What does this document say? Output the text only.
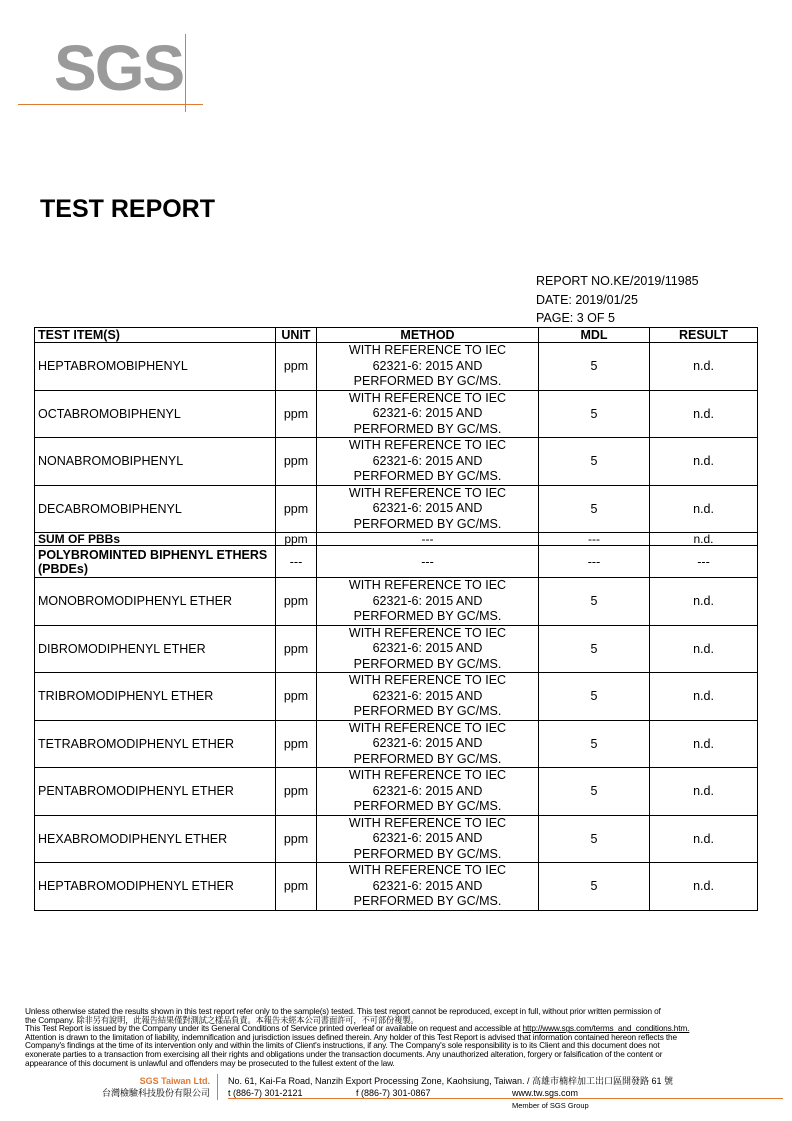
SGS
TEST REPORT
REPORT NO.KE/2019/11985
DATE: 2019/01/25
PAGE: 3 OF 5
TEST ITEM(S)	UNIT	METHOD	MDL	RESULT
HEPTABROMOBIPHENYL	ppm	WITH REFERENCE TO IEC
62321-6: 2015 AND
PERFORMED BY GC/MS.	5	n.d.
OCTABROMOBIPHENYL	ppm	WITH REFERENCE TO IEC
62321-6: 2015 AND
PERFORMED BY GC/MS.	5	n.d.
NONABROMOBIPHENYL	ppm	WITH REFERENCE TO IEC
62321-6: 2015 AND
PERFORMED BY GC/MS.	5	n.d.
DECABROMOBIPHENYL	ppm	WITH REFERENCE TO IEC
62321-6: 2015 AND
PERFORMED BY GC/MS.	5	n.d.
SUM OF PBBs	ppm	---	---	n.d.
POLYBROMINTED BIPHENYL ETHERS (PBDEs)	---	---	---	---
MONOBROMODIPHENYL ETHER	ppm	WITH REFERENCE TO IEC
62321-6: 2015 AND
PERFORMED BY GC/MS.	5	n.d.
DIBROMODIPHENYL ETHER	ppm	WITH REFERENCE TO IEC
62321-6: 2015 AND
PERFORMED BY GC/MS.	5	n.d.
TRIBROMODIPHENYL ETHER	ppm	WITH REFERENCE TO IEC
62321-6: 2015 AND
PERFORMED BY GC/MS.	5	n.d.
TETRABROMODIPHENYL ETHER	ppm	WITH REFERENCE TO IEC
62321-6: 2015 AND
PERFORMED BY GC/MS.	5	n.d.
PENTABROMODIPHENYL ETHER	ppm	WITH REFERENCE TO IEC
62321-6: 2015 AND
PERFORMED BY GC/MS.	5	n.d.
HEXABROMODIPHENYL ETHER	ppm	WITH REFERENCE TO IEC
62321-6: 2015 AND
PERFORMED BY GC/MS.	5	n.d.
HEPTABROMODIPHENYL ETHER	ppm	WITH REFERENCE TO IEC
62321-6: 2015 AND
PERFORMED BY GC/MS.	5	n.d.
Unless otherwise stated the results shown in this test report refer only to the sample(s) tested. This test report cannot be reproduced, except in full, without prior written permission of
the Company. 除非另有說明，此報告結果僅對測試之樣品負責。本報告未經本公司書面許可，不可部份複製。
This Test Report is issued by the Company under its General Conditions of Service printed overleaf or available on request and accessible at http://www.sgs.com/terms_and_conditions.htm.
Attention is drawn to the limitation of liability, indemnification and jurisdiction issues defined therein. Any holder of this Test Report is advised that information contained hereon reflects the
Company's findings at the time of its intervention only and within the limits of Client's instructions, if any. The Company's sole responsibility is to its Client and this document does not
exonerate parties to a transaction from exercising all their rights and obligations under the transaction documents. Any unauthorized alteration, forgery or falsification of the content or
appearance of this document is unlawful and offenders may be prosecuted to the fullest extent of the law.
SGS Taiwan Ltd.
台灣檢驗科技股份有限公司
No. 61, Kai-Fa Road, Nanzih Export Processing Zone, Kaohsiung, Taiwan. / 高雄市楠梓加工出口區開發路 61 號
t (886-7) 301-2121	f (886-7) 301-0867	www.tw.sgs.com
Member of SGS Group
